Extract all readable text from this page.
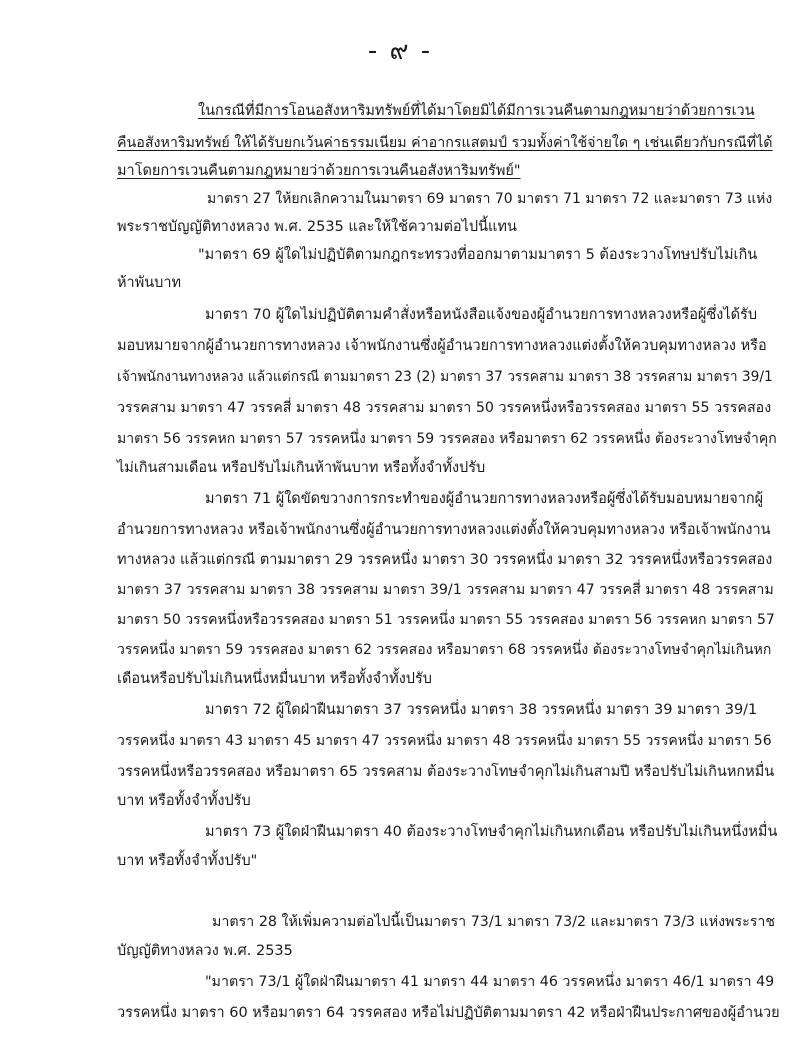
- ๙ -
ในกรณีที่มีการโอนอสังหาริมทรัพย์ที่ได้มาโดยมิได้มีการเวนคืนตามกฎหมายว่าด้วยการเวน
คืนอสังหาริมทรัพย์ ให้ได้รับยกเว้นค่าธรรมเนียม ค่าอากรแสตมป์ รวมทั้งค่าใช้จ่ายใด ๆ เช่นเดียวกับกรณีที่ได้
มาโดยการเวนคืนตามกฎหมายว่าด้วยการเวนคืนอสังหาริมทรัพย์"
มาตรา 27 ให้ยกเลิกความในมาตรา 69 มาตรา 70 มาตรา 71 มาตรา 72 และมาตรา 73 แห่ง
พระราชบัญญัติทางหลวง พ.ศ. 2535 และให้ใช้ความต่อไปนี้แทน
"มาตรา 69 ผู้ใดไม่ปฏิบัติตามกฎกระทรวงที่ออกมาตามมาตรา 5 ต้องระวางโทษปรับไม่เกิน
ห้าพันบาท
มาตรา 70 ผู้ใดไม่ปฏิบัติตามคำสั่งหรือหนังสือแจ้งของผู้อำนวยการทางหลวงหรือผู้ซึ่งได้รับ
มอบหมายจากผู้อำนวยการทางหลวง เจ้าพนักงานซึ่งผู้อำนวยการทางหลวงแต่งตั้งให้ควบคุมทางหลวง หรือ
เจ้าพนักงานทางหลวง แล้วแต่กรณี ตามมาตรา 23 (2) มาตรา 37 วรรคสาม มาตรา 38 วรรคสาม มาตรา 39/1
วรรคสาม มาตรา 47 วรรคสี่ มาตรา 48 วรรคสาม มาตรา 50 วรรคหนึ่งหรือวรรคสอง มาตรา 55 วรรคสอง
มาตรา 56 วรรคหก มาตรา 57 วรรคหนึ่ง มาตรา 59 วรรคสอง หรือมาตรา 62 วรรคหนึ่ง ต้องระวางโทษจำคุก
ไม่เกินสามเดือน หรือปรับไม่เกินห้าพันบาท หรือทั้งจำทั้งปรับ
มาตรา 71 ผู้ใดขัดขวางการกระทำของผู้อำนวยการทางหลวงหรือผู้ซึ่งได้รับมอบหมายจากผู้
อำนวยการทางหลวง หรือเจ้าพนักงานซึ่งผู้อำนวยการทางหลวงแต่งตั้งให้ควบคุมทางหลวง หรือเจ้าพนักงาน
ทางหลวง แล้วแต่กรณี ตามมาตรา 29 วรรคหนึ่ง มาตรา 30 วรรคหนึ่ง มาตรา 32 วรรคหนึ่งหรือวรรคสอง
มาตรา 37 วรรคสาม มาตรา 38 วรรคสาม มาตรา 39/1 วรรคสาม มาตรา 47 วรรคสี่ มาตรา 48 วรรคสาม
มาตรา 50 วรรคหนึ่งหรือวรรคสอง มาตรา 51 วรรคหนึ่ง มาตรา 55 วรรคสอง มาตรา 56 วรรคหก มาตรา 57
วรรคหนึ่ง มาตรา 59 วรรคสอง มาตรา 62 วรรคสอง หรือมาตรา 68 วรรคหนึ่ง ต้องระวางโทษจำคุกไม่เกินหก
เดือนหรือปรับไม่เกินหนึ่งหมื่นบาท หรือทั้งจำทั้งปรับ
มาตรา 72 ผู้ใดฝ่าฝืนมาตรา 37 วรรคหนึ่ง มาตรา 38 วรรคหนึ่ง มาตรา 39 มาตรา 39/1
วรรคหนึ่ง มาตรา 43 มาตรา 45 มาตรา 47 วรรคหนึ่ง มาตรา 48 วรรคหนึ่ง มาตรา 55 วรรคหนึ่ง มาตรา 56
วรรคหนึ่งหรือวรรคสอง หรือมาตรา 65 วรรคสาม ต้องระวางโทษจำคุกไม่เกินสามปี หรือปรับไม่เกินหกหมื่น
บาท หรือทั้งจำทั้งปรับ
มาตรา 73 ผู้ใดฝ่าฝืนมาตรา 40 ต้องระวางโทษจำคุกไม่เกินหกเดือน หรือปรับไม่เกินหนึ่งหมื่น
บาท หรือทั้งจำทั้งปรับ"
มาตรา 28 ให้เพิ่มความต่อไปนี้เป็นมาตรา 73/1 มาตรา 73/2 และมาตรา 73/3 แห่งพระราช
บัญญัติทางหลวง พ.ศ. 2535
"มาตรา 73/1 ผู้ใดฝ่าฝืนมาตรา 41 มาตรา 44 มาตรา 46 วรรคหนึ่ง มาตรา 46/1 มาตรา 49
วรรคหนึ่ง มาตรา 60 หรือมาตรา 64 วรรคสอง หรือไม่ปฏิบัติตามมาตรา 42 หรือฝ่าฝืนประกาศของผู้อำนวย
